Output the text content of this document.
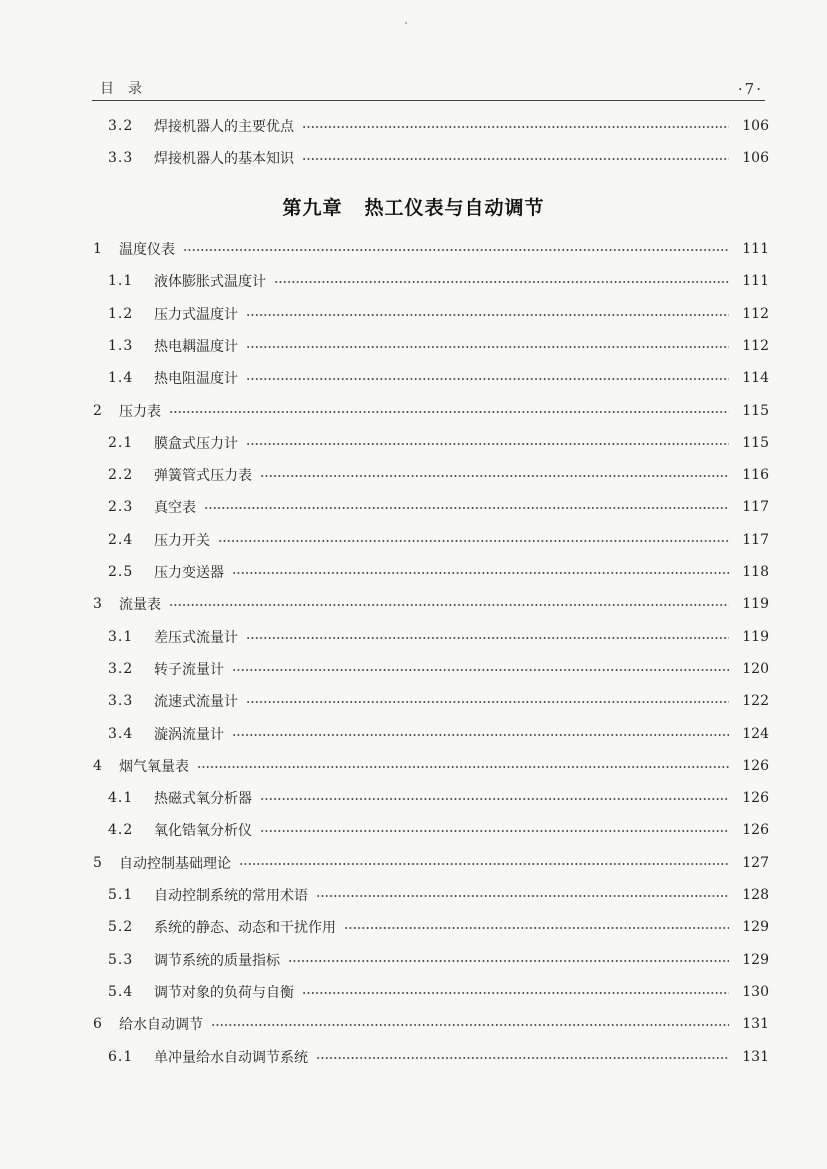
目录	·7·
第九章 热工仪表与自动调节
3.2	焊接机器人的主要优点	106
3.3	焊接机器人的基本知识	106
1	温度仪表	111
1.1	液体膨胀式温度计	111
1.2	压力式温度计	112
1.3	热电耦温度计	112
1.4	热电阻温度计	114
2	压力表	115
2.1	膜盒式压力计	115
2.2	弹簧管式压力表	116
2.3	真空表	117
2.4	压力开关	117
2.5	压力变送器	118
3	流量表	119
3.1	差压式流量计	119
3.2	转子流量计	120
3.3	流速式流量计	122
3.4	漩涡流量计	124
4	烟气氧量表	126
4.1	热磁式氧分析器	126
4.2	氧化锆氧分析仪	126
5	自动控制基础理论	127
5.1	自动控制系统的常用术语	128
5.2	系统的静态、动态和干扰作用	129
5.3	调节系统的质量指标	129
5.4	调节对象的负荷与自衡	130
6	给水自动调节	131
6.1	单冲量给水自动调节系统	131
